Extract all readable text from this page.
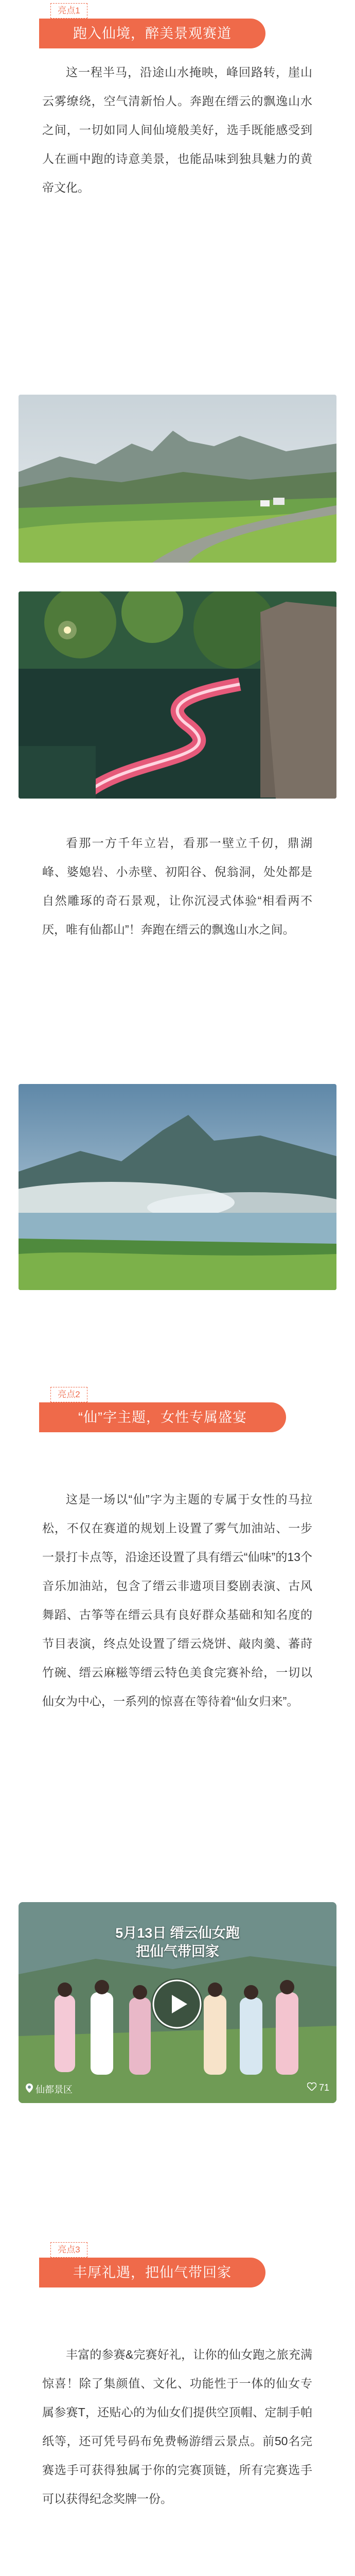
亮点1
跑入仙境，醉美景观赛道
这一程半马，沿途山水掩映，峰回路转，崖山云雾缭绕，空气清新怡人。奔跑在缙云的飘逸山水之间，一切如同人间仙境般美好，选手既能感受到人在画中跑的诗意美景，也能品味到独具魅力的黄帝文化。
看那一方千年立岩，看那一壁立千仞，鼎湖峰、婆媳岩、小赤壁、初阳谷、倪翁洞，处处都是自然雕琢的奇石景观，让你沉浸式体验“相看两不厌，唯有仙都山”！奔跑在缙云的飘逸山水之间。
亮点2
“仙”字主题，女性专属盛宴
这是一场以“仙”字为主题的专属于女性的马拉松，不仅在赛道的规划上设置了雾气加油站、一步一景打卡点等，沿途还设置了具有缙云“仙味”的13个音乐加油站，包含了缙云非遗项目婺剧表演、古风舞蹈、古筝等在缙云具有良好群众基础和知名度的节目表演，终点处设置了缙云烧饼、敲肉羹、蕃莳竹碗、缙云麻糍等缙云特色美食完赛补给，一切以仙女为中心，一系列的惊喜在等待着“仙女归来”。
5月13日 缙云仙女跑
把仙气带回家
仙都景区	71
亮点3
丰厚礼遇，把仙气带回家
丰富的参赛&完赛好礼，让你的仙女跑之旅充满惊喜！除了集颜值、文化、功能性于一体的仙女专属参赛T，还贴心的为仙女们提供空顶帽、定制手帕纸等，还可凭号码布免费畅游缙云景点。前50名完赛选手可获得独属于你的完赛顶链，所有完赛选手可以获得纪念奖牌一份。
